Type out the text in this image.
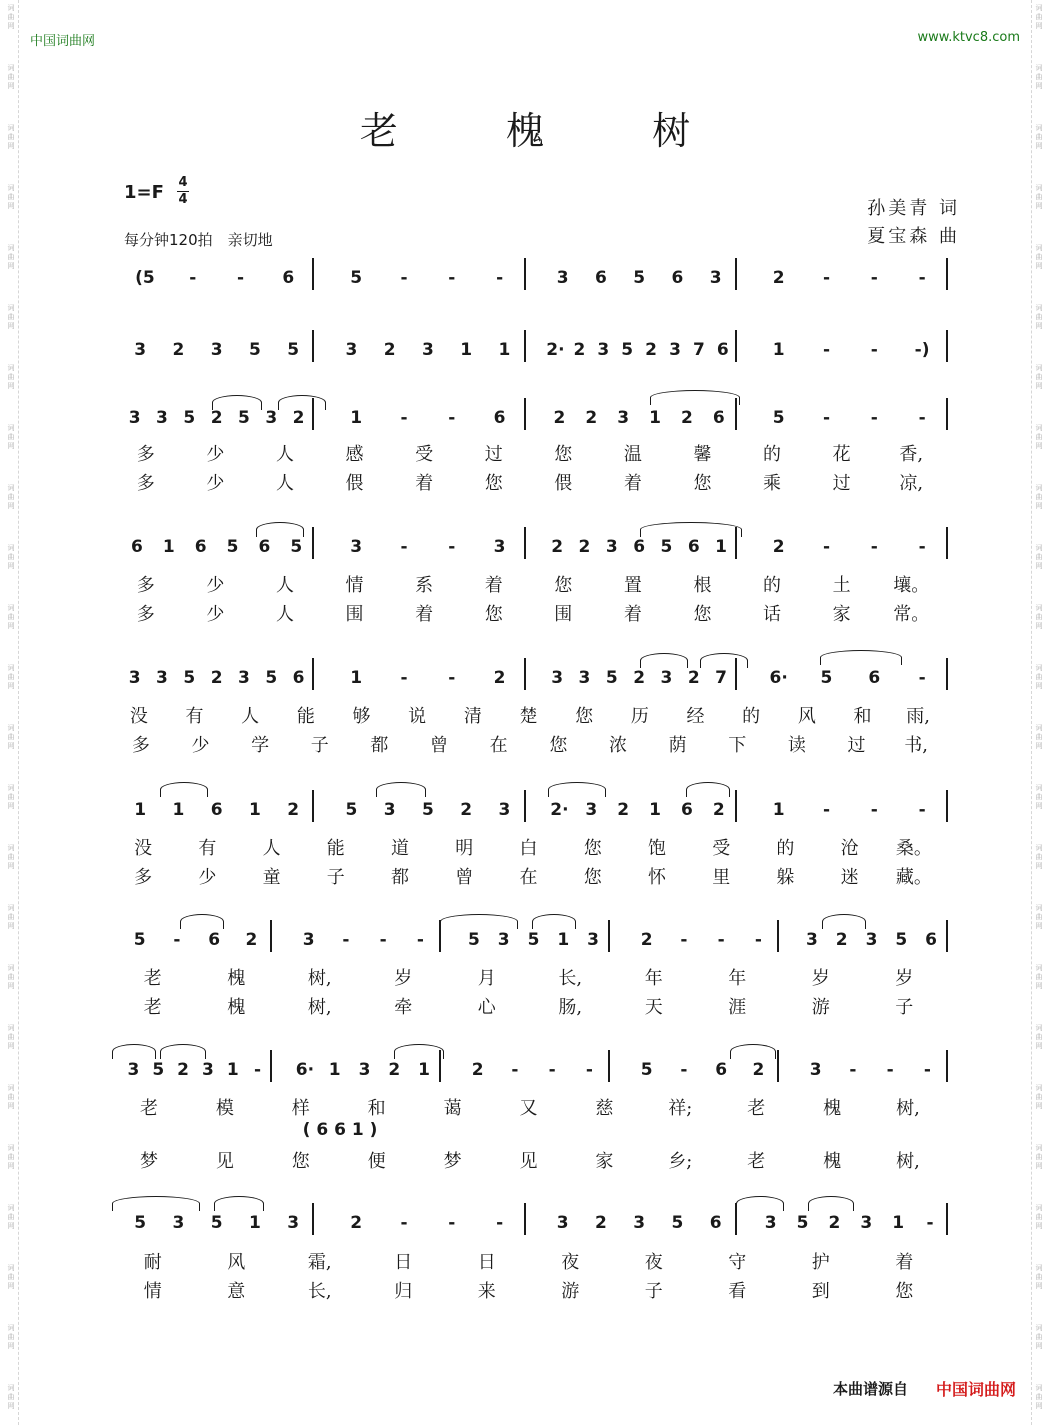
词
曲
网
词
曲
网
词
曲
网
词
曲
网
词
曲
网
词
曲
网
词
曲
网
词
曲
网
词
曲
网
词
曲
网
词
曲
网
词
曲
网
词
曲
网
词
曲
网
词
曲
网
词
曲
网
词
曲
网
词
曲
网
词
曲
网
词
曲
网
词
曲
网
词
曲
网
词
曲
网
词
曲
网
词
曲
网
词
曲
网
词
曲
网
词
曲
网
词
曲
网
词
曲
网
词
曲
网
词
曲
网
词
曲
网
词
曲
网
词
曲
网
词
曲
网
词
曲
网
词
曲
网
词
曲
网
词
曲
网
词
曲
网
词
曲
网
词
曲
网
词
曲
网
词
曲
网
词
曲
网
词
曲
网
词
曲
网
中国词曲网	www.ktvc8.com
老 槐 树
1=F 4
4
每分钟120拍　亲切地
孙美青 词
夏宝森 曲
(5 - - 6	5 - - -	3 6 5 6 3	2 - - -
3 2 3 5 5	3 2 3 1 1 2· 2 3 5 2 3 7 6	1 - - -)
3 3 5 2 5 3 2	1 - - 6	2 2 3 1 2 6	5 - - -
多	少	人	感	受	过	您	温	馨	的	花	香,
多	少	人	偎	着	您	偎	着	您	乘	过	凉,
6 1 6 5 6 5	3 - - 3	2 2 3 6 5 6 1	2 - - -
多	少	人	情	系	着	您	置	根	的	土 壤。
多	少	人	围	着	您	围	着	您	话	家 常。
3 3 5 2 3 5 6	1 - - 2	3 3 5 2 3 2 7	6· 5 6 -
没 有 人 能 够 说 清 楚 您 历 经 的 风 和 雨,
多 少 学 子 都 曾 在 您 浓 荫 下 读 过 书,
1 1 6 1 2	5 3 5 2 3 2· 3 2 1 6 2	1 - - -
没	有	人	能	道	明	白	您	饱	受	的	沧 桑。
多	少	童	子	都	曾	在	您	怀	里	躲	迷 藏。
5 - 6 2	3 - - -	5 3 5 1 3 2 - - -	3 2 3 5 6
老	槐	树,	岁	月	长,	年	年	岁	岁
老	槐	树,	牵	心	肠,	天	涯	游	子
3 5 2 3 1 - 6· 1 3 2 1 2 - - -	5 - 6 2	3 - - -
老	模	样	和	蔼	又	慈	祥;	老	槐	树,
梦	见	您	便	梦	见	家	乡;	老	槐	树,
( 6 6 1 )
5 3 5 1 3	2 - - -	3 2 3 5 6	3 5 2 3 1 -
耐	风	霜,	日	日	夜	夜	守	护	着
情	意	长,	归	来	游	子	看	到	您
本曲谱源自 中国词曲网
